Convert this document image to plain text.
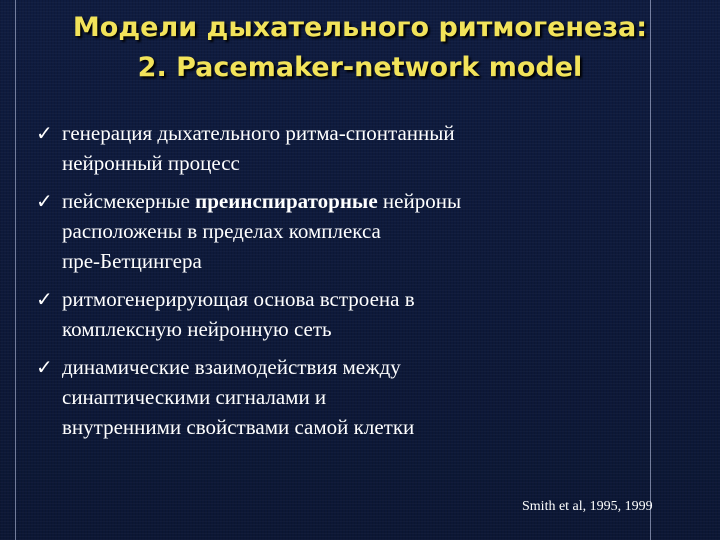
Модели дыхательного ритмогенеза:
2. Pacemaker-network model
✓ генерация дыхательного ритма-спонтанный
нейронный процесс
✓ пейсмекерные преинспираторные нейроны
расположены в пределах комплекса
пре-Бетцингера
✓ ритмогенерирующая основа встроена в
комплексную нейронную сеть
✓ динамические взаимодействия между
синаптическими сигналами и
внутренними свойствами самой клетки
Smith et al, 1995, 1999
